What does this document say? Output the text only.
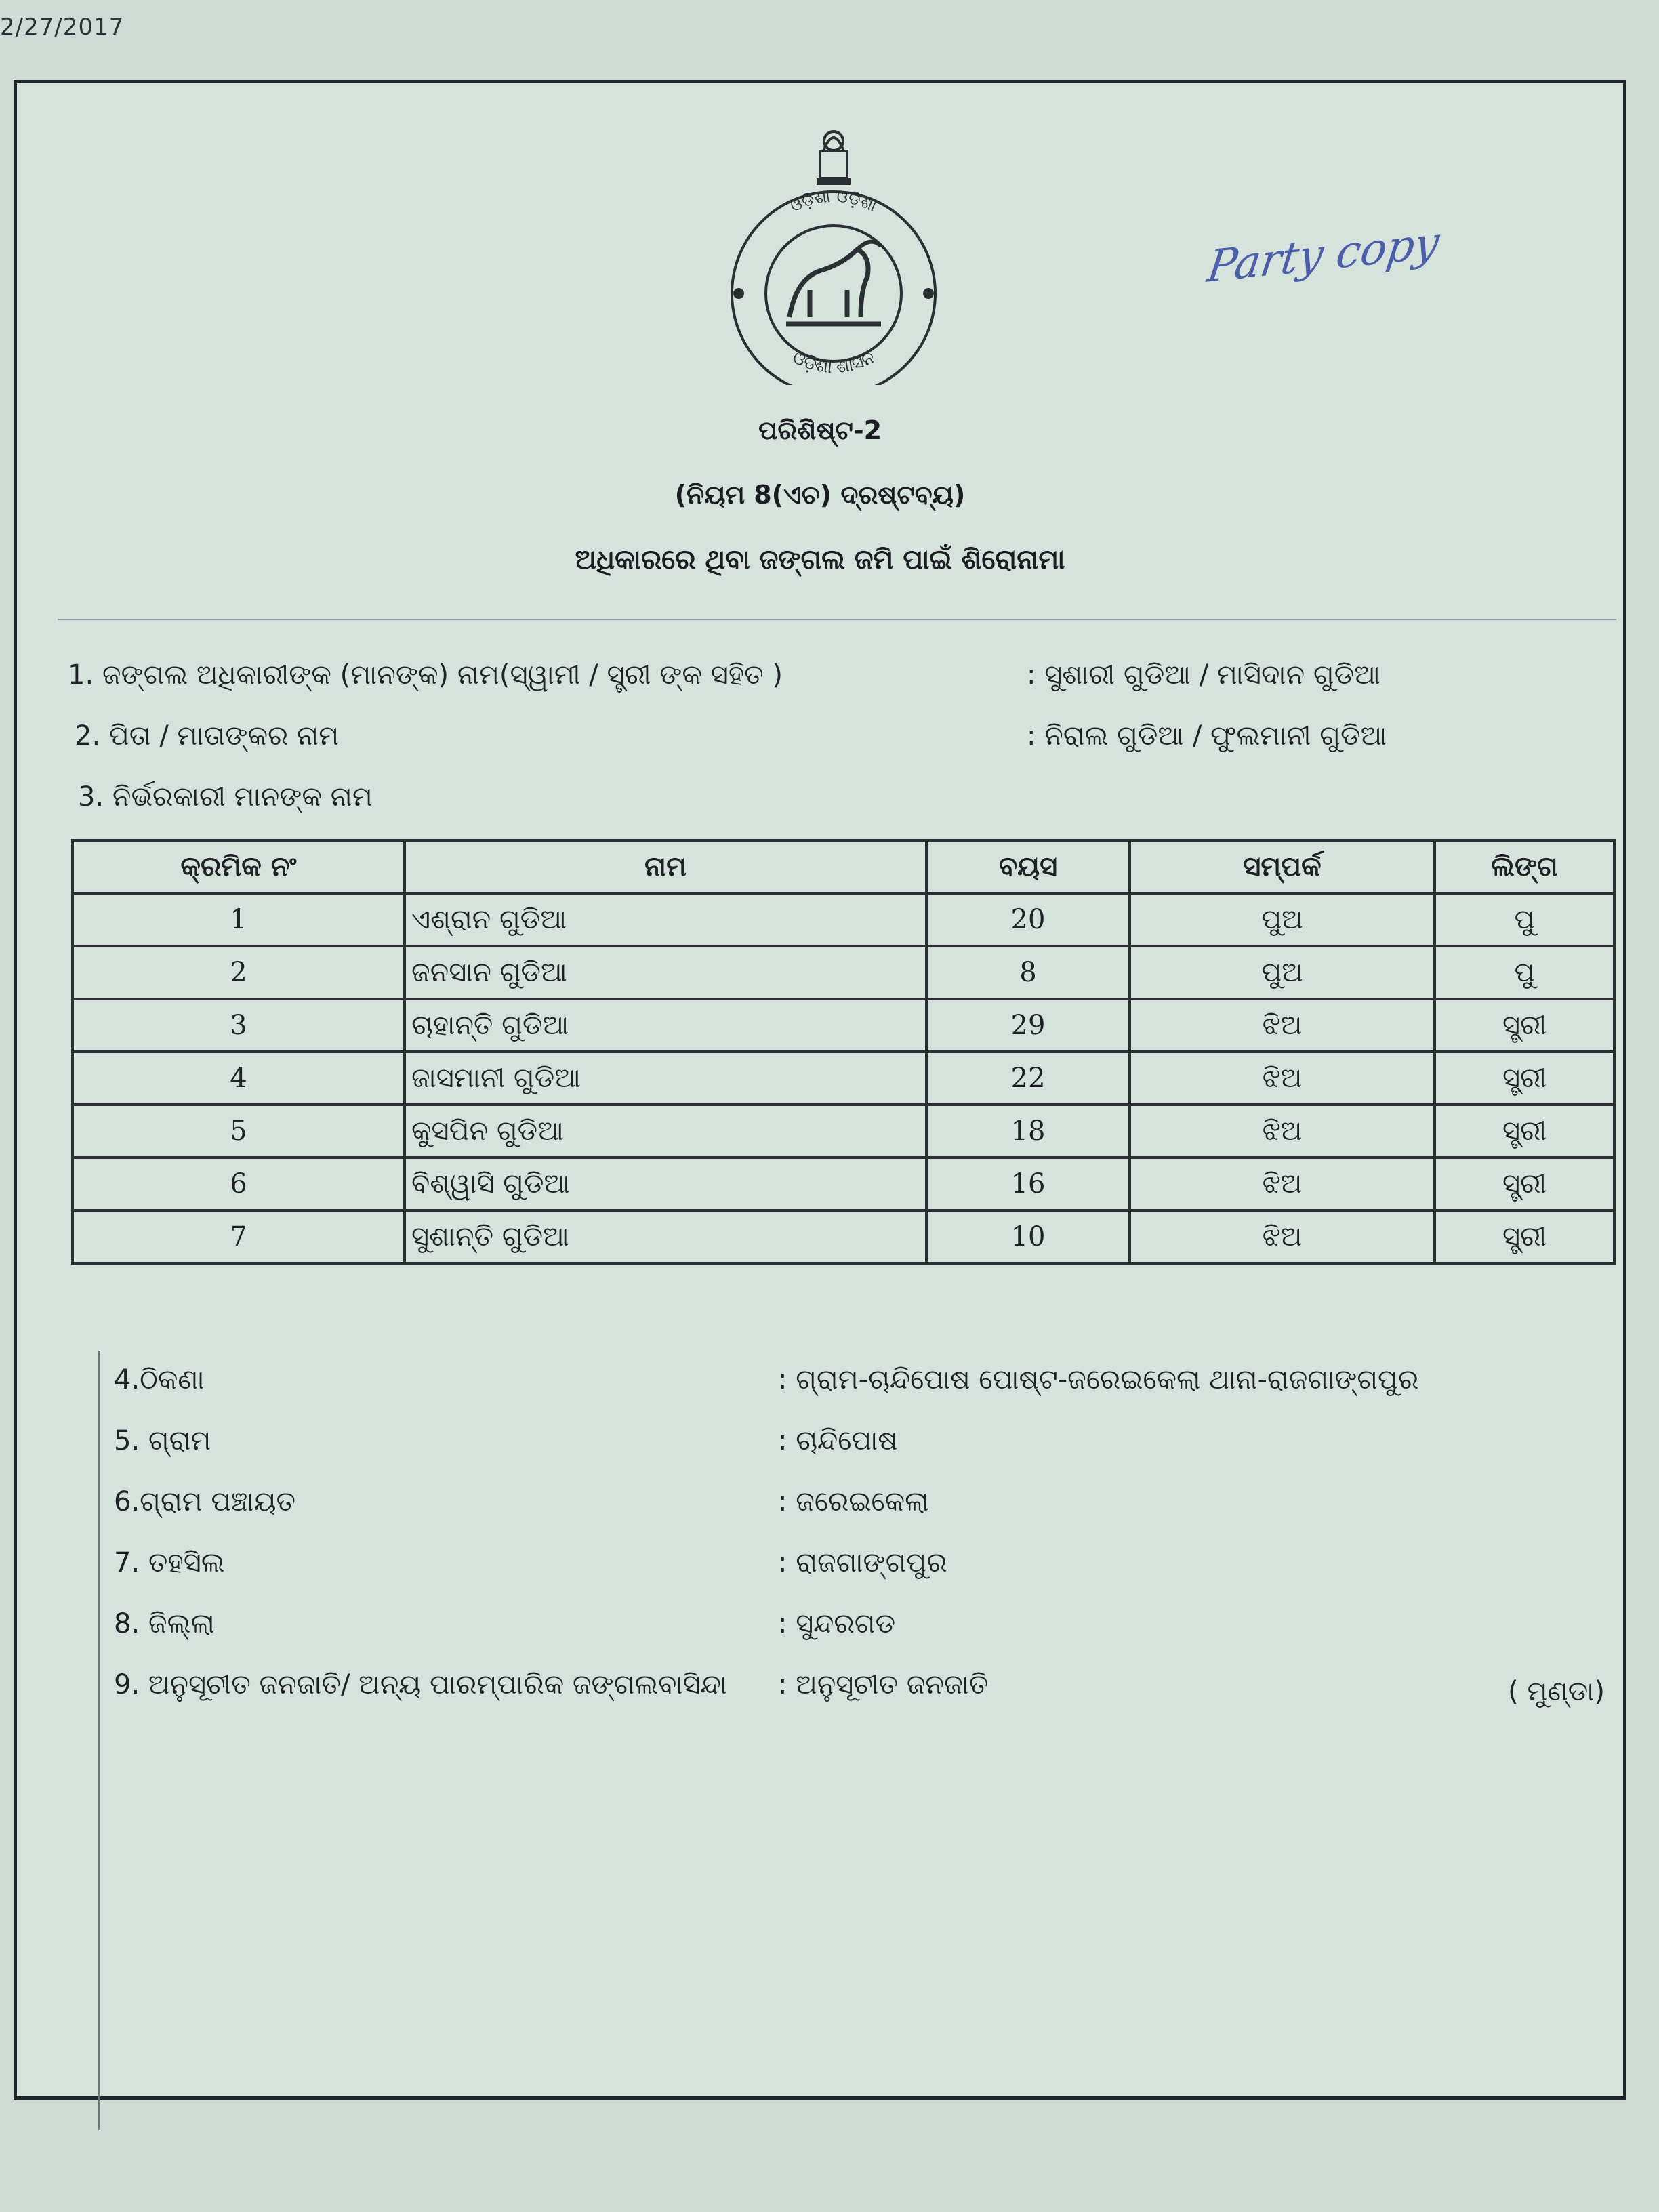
2/27/2017
ଓଡ଼ିଶା ଓଡ଼ିଶା
ଓଡ଼ିଶା ଶାସନ
Party copy
ପରିଶିଷ୍ଟ-2
(ନିୟମ 8(ଏଚ) ଦ୍ରଷ୍ଟବ୍ୟ)
ଅଧିକାରରେ ଥିବା ଜଙ୍ଗଲ ଜମି ପାଇଁ ଶିରୋନାମା
1. ଜଙ୍ଗଲ ଅଧିକାରୀଙ୍କ (ମାନଙ୍କ) ନାମ(ସ୍ୱାମୀ / ସ୍ତ୍ରୀ ଙ୍କ ସହିତ )	: ସୁଶାରୀ ଗୁଡିଆ / ମାସିଦାନ ଗୁଡିଆ
2. ପିତା / ମାତାଙ୍କର ନାମ	: ନିରାଲ ଗୁଡିଆ / ଫୁଲମାନୀ ଗୁଡିଆ
3. ନିର୍ଭରକାରୀ ମାନଙ୍କ ନାମ
କ୍ରମିକ ନଂ	ନାମ	ବୟସ	ସମ୍ପର୍କ	ଲିଙ୍ଗ
1	ଏଶ୍ରାନ ଗୁଡିଆ	20	ପୁଅ	ପୁ
2	ଜନସାନ ଗୁଡିଆ	8	ପୁଅ	ପୁ
3	ଚାହାନ୍ତି ଗୁଡିଆ	29	ଝିଅ	ସ୍ତ୍ରୀ
4	ଜାସମାନୀ ଗୁଡିଆ	22	ଝିଅ	ସ୍ତ୍ରୀ
5	କୁସପିନ ଗୁଡିଆ	18	ଝିଅ	ସ୍ତ୍ରୀ
6	ବିଶ୍ୱାସି ଗୁଡିଆ	16	ଝିଅ	ସ୍ତ୍ରୀ
7	ସୁଶାନ୍ତି ଗୁଡିଆ	10	ଝିଅ	ସ୍ତ୍ରୀ
4.ଠିକଣା	: ଗ୍ରାମ-ଚାନ୍ଦିପୋଷ ପୋଷ୍ଟ-ଜରେଇକେଲା ଥାନା-ରାଜଗାଙ୍ଗପୁର
5. ଗ୍ରାମ	: ଚାନ୍ଦିପୋଷ
6.ଗ୍ରାମ ପଞ୍ଚାୟତ	: ଜରେଇକେଲା
7. ତହସିଲ	: ରାଜଗାଙ୍ଗପୁର
8. ଜିଲ୍ଲା	: ସୁନ୍ଦରଗଡ
9. ଅନୁସୂଚୀତ ଜନଜାତି/ ଅନ୍ୟ ପାରମ୍ପାରିକ ଜଙ୍ଗଲବାସିନ୍ଦା : ଅନୁସୂଚୀତ ଜନଜାତି	( ମୁଣ୍ଡା)
